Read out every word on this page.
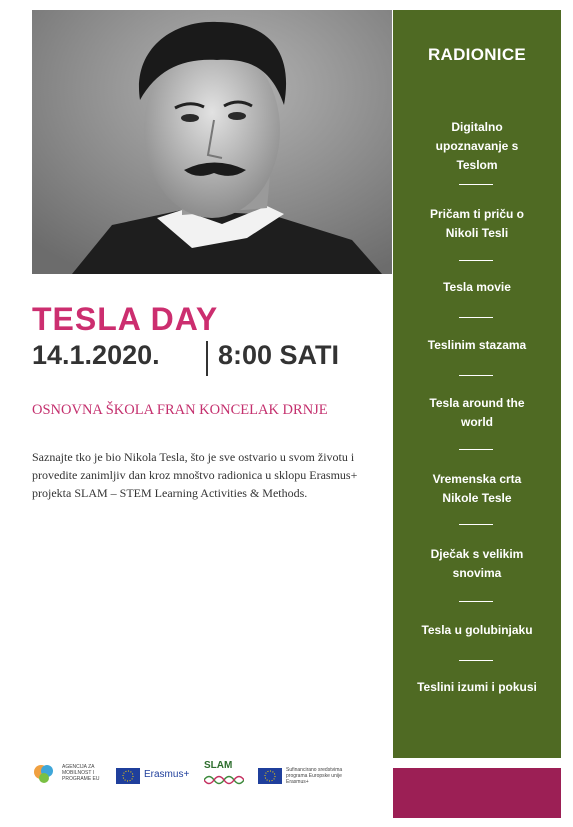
RADIONICE
Digitalno
upoznavanje s
Teslom
Pričam ti priču o
Nikoli Tesli
Tesla movie
Teslinim stazama
Tesla around the
world
Vremenska crta
Nikole Tesle
Dječak s velikim
snovima
Tesla u golubinjaku
Teslini izumi i pokusi
TESLA DAY
14.1.2020. 8:00 SATI
OSNOVNA ŠKOLA FRAN KONCELAK DRNJE
Saznajte tko je bio Nikola Tesla, što je sve ostvario u svom životu i provedite zanimljiv dan kroz mnoštvo radionica u sklopu Erasmus+ projekta SLAM – STEM Learning Activities & Methods.
AGENCIJA ZA
MOBILNOST I
PROGRAME EU	Erasmus+
SLAM	Sufinancirano sredstvima
programa Europske unije
Erasmus+
